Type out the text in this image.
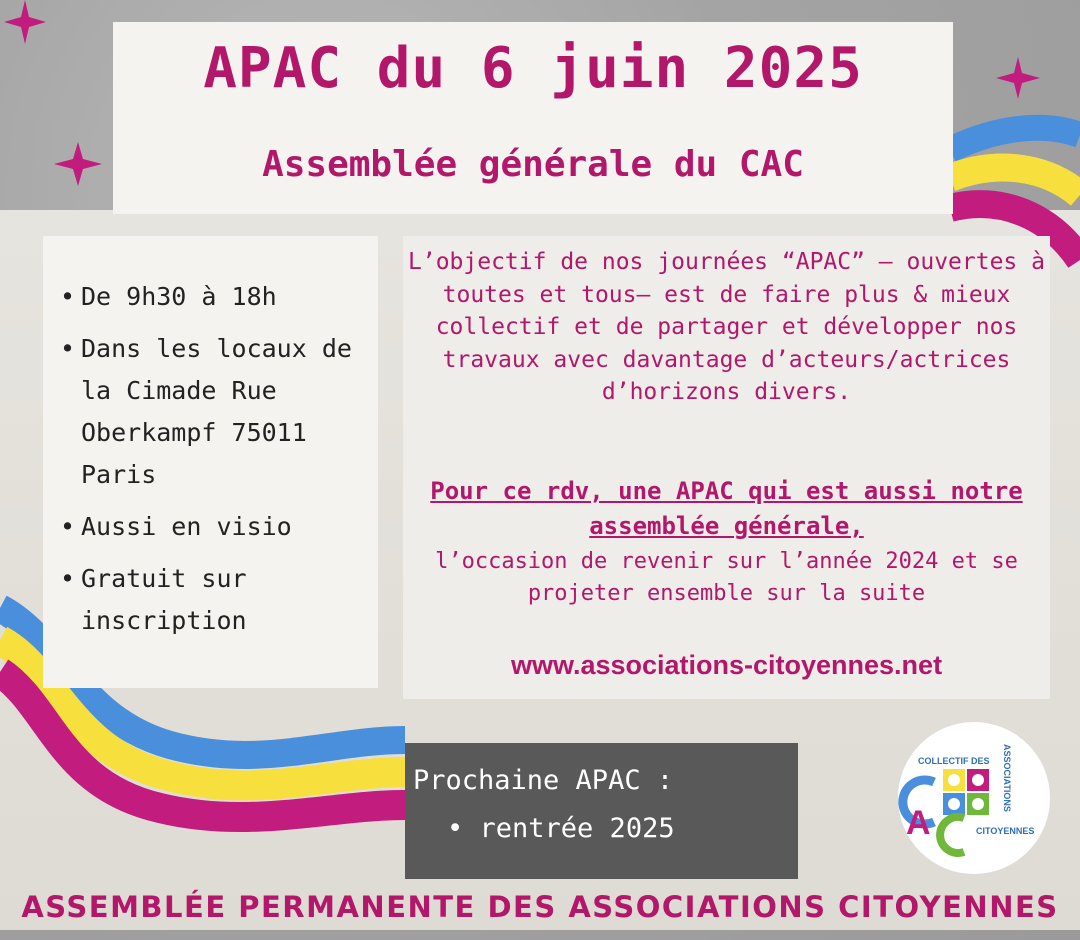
APAC du 6 juin 2025
Assemblée générale du CAC
• De 9h30 à 18h
• Dans les locaux de la Cimade Rue Oberkampf 75011 Paris
• Aussi en visio
• Gratuit sur inscription
L’objectif de nos journées “APAC” – ouvertes à toutes et tous– est de faire plus & mieux collectif et de partager et développer nos travaux avec davantage d’acteurs/actrices d’horizons divers.
Pour ce rdv, une APAC qui est aussi notre assemblée générale,
l’occasion de revenir sur l’année 2024 et se projeter ensemble sur la suite
www.associations-citoyennes.net
Prochaine APAC :
• rentrée 2025
COLLECTIF DES ASSOCIATIONS
A	CITOYENNES
ASSEMBLÉE PERMANENTE DES ASSOCIATIONS CITOYENNES
